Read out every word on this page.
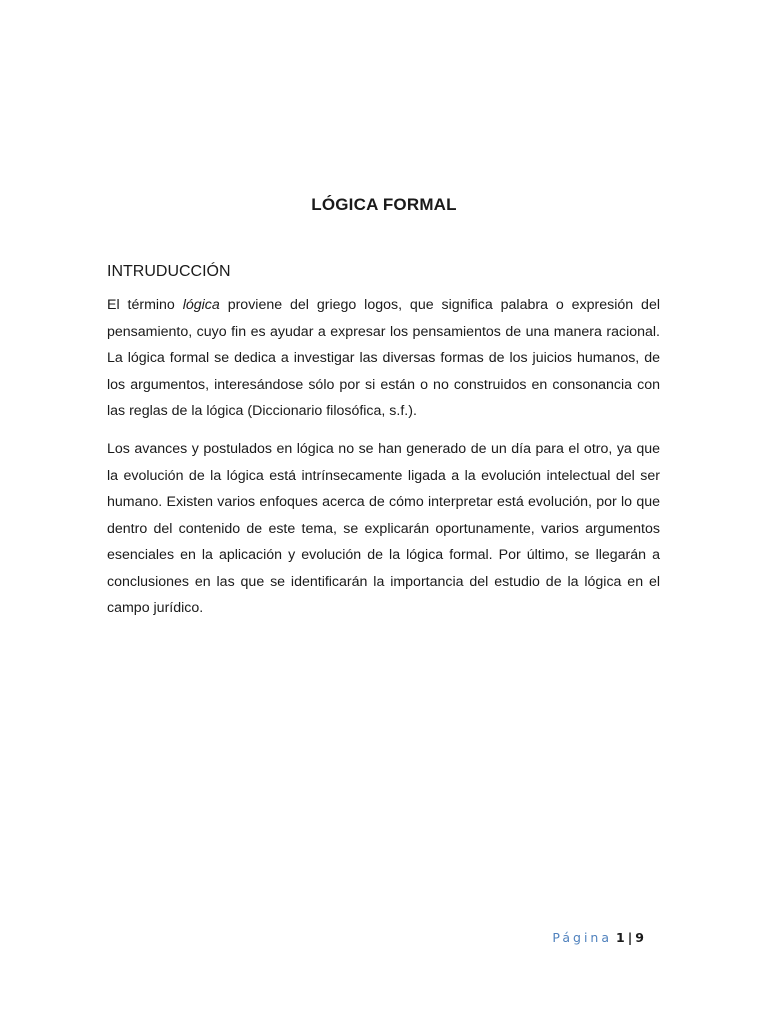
LÓGICA FORMAL
INTRUDUCCIÓN

El término lógica proviene del griego logos, que significa palabra o expresión del pensamiento, cuyo fin es ayudar a expresar los pensamientos de una manera racional. La lógica formal se dedica a investigar las diversas formas de los juicios humanos, de los argumentos, interesándose sólo por si están o no construidos en consonancia con las reglas de la lógica (Diccionario filosófica, s.f.).

Los avances y postulados en lógica no se han generado de un día para el otro, ya que la evolución de la lógica está intrínsecamente ligada a la evolución intelectual del ser humano. Existen varios enfoques acerca de cómo interpretar está evolución, por lo que dentro del contenido de este tema, se explicarán oportunamente, varios argumentos esenciales en la aplicación y evolución de la lógica formal. Por último, se llegarán a conclusiones en las que se identificarán la importancia del estudio de la lógica en el campo jurídico.

Página 1 | 9
